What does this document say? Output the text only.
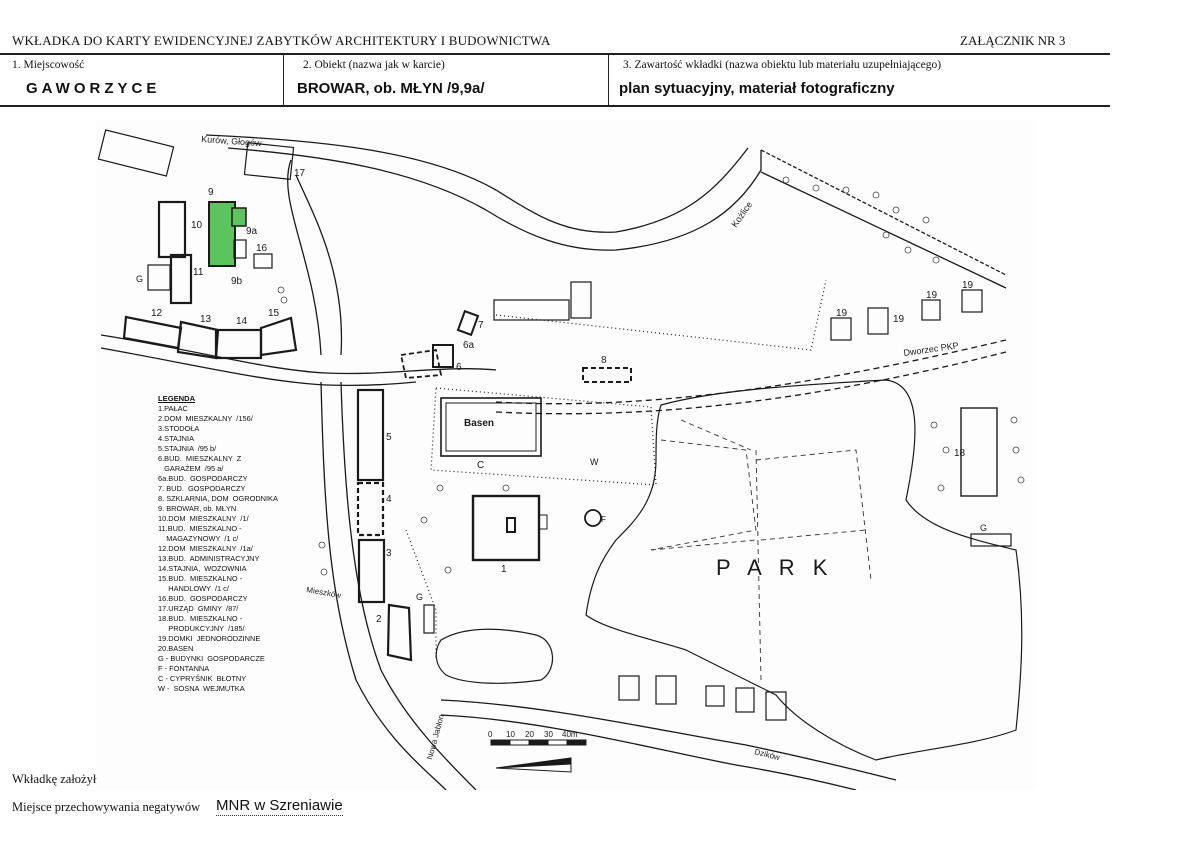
WKŁADKA DO KARTY EWIDENCYJNEJ ZABYTKÓW ARCHITEKTURY I BUDOWNICTWA	ZAŁĄCZNIK NR 3
1. Miejscowość
GAWORZYCE
2. Obiekt (nazwa jak w karcie)
BROWAR, ob. MŁYN /9,9a/
3. Zawartość wkładki (nazwa obiektu lub materiału uzupełniającego)
plan sytuacyjny, materiał fotograficzny
Kurów, Głogów
Kożlice
Dworzec PKP
Mieszków
Nowa Jabłon	Dzików
Basen
P A R K
C	W
F
G
G
G
1
2
3
4
5
6
6a
7
8
9
9a
9b
10
11
12
13 14
15
16
17
18
19
19
19
19
0 10 20 30 40m
LEGENDA
1.PAŁAC
2.DOM  MIESZKALNY  /156/
3.STODOŁA
4.STAJNIA
5.STAJNIA  /95 b/
6.BUD.  MIESZKALNY  Z
GARAŻEM  /95 a/
6a.BUD.  GOSPODARCZY
7. BUD.  GOSPODARCZY
8. SZKLARNIA, DOM  OGRODNIKA
9. BROWAR, ob. MŁYN
10.DOM  MIESZKALNY  /1/
11.BUD.  MIESZKALNO -
MAGAZYNOWY  /1 c/
12.DOM  MIESZKALNY  /1a/
13.BUD.  ADMINISTRACYJNY
14.STAJNIA,  WOZOWNIA
15.BUD.  MIESZKALNO -
HANDLOWY  /1 c/
16.BUD.  GOSPODARCZY
17.URZĄD  GMINY  /87/
18.BUD.  MIESZKALNO -
PRODUKCYJNY  /185/
19.DOMKI  JEDNORODZINNE
20.BASEN
G - BUDYNKI  GOSPODARCZE
F - FONTANNA
C - CYPRYŚNIK  BŁOTNY
W -  SOSNA  WEJMUTKA
Wkładkę założył
Miejsce przechowywania negatywów MNR w Szreniawie
